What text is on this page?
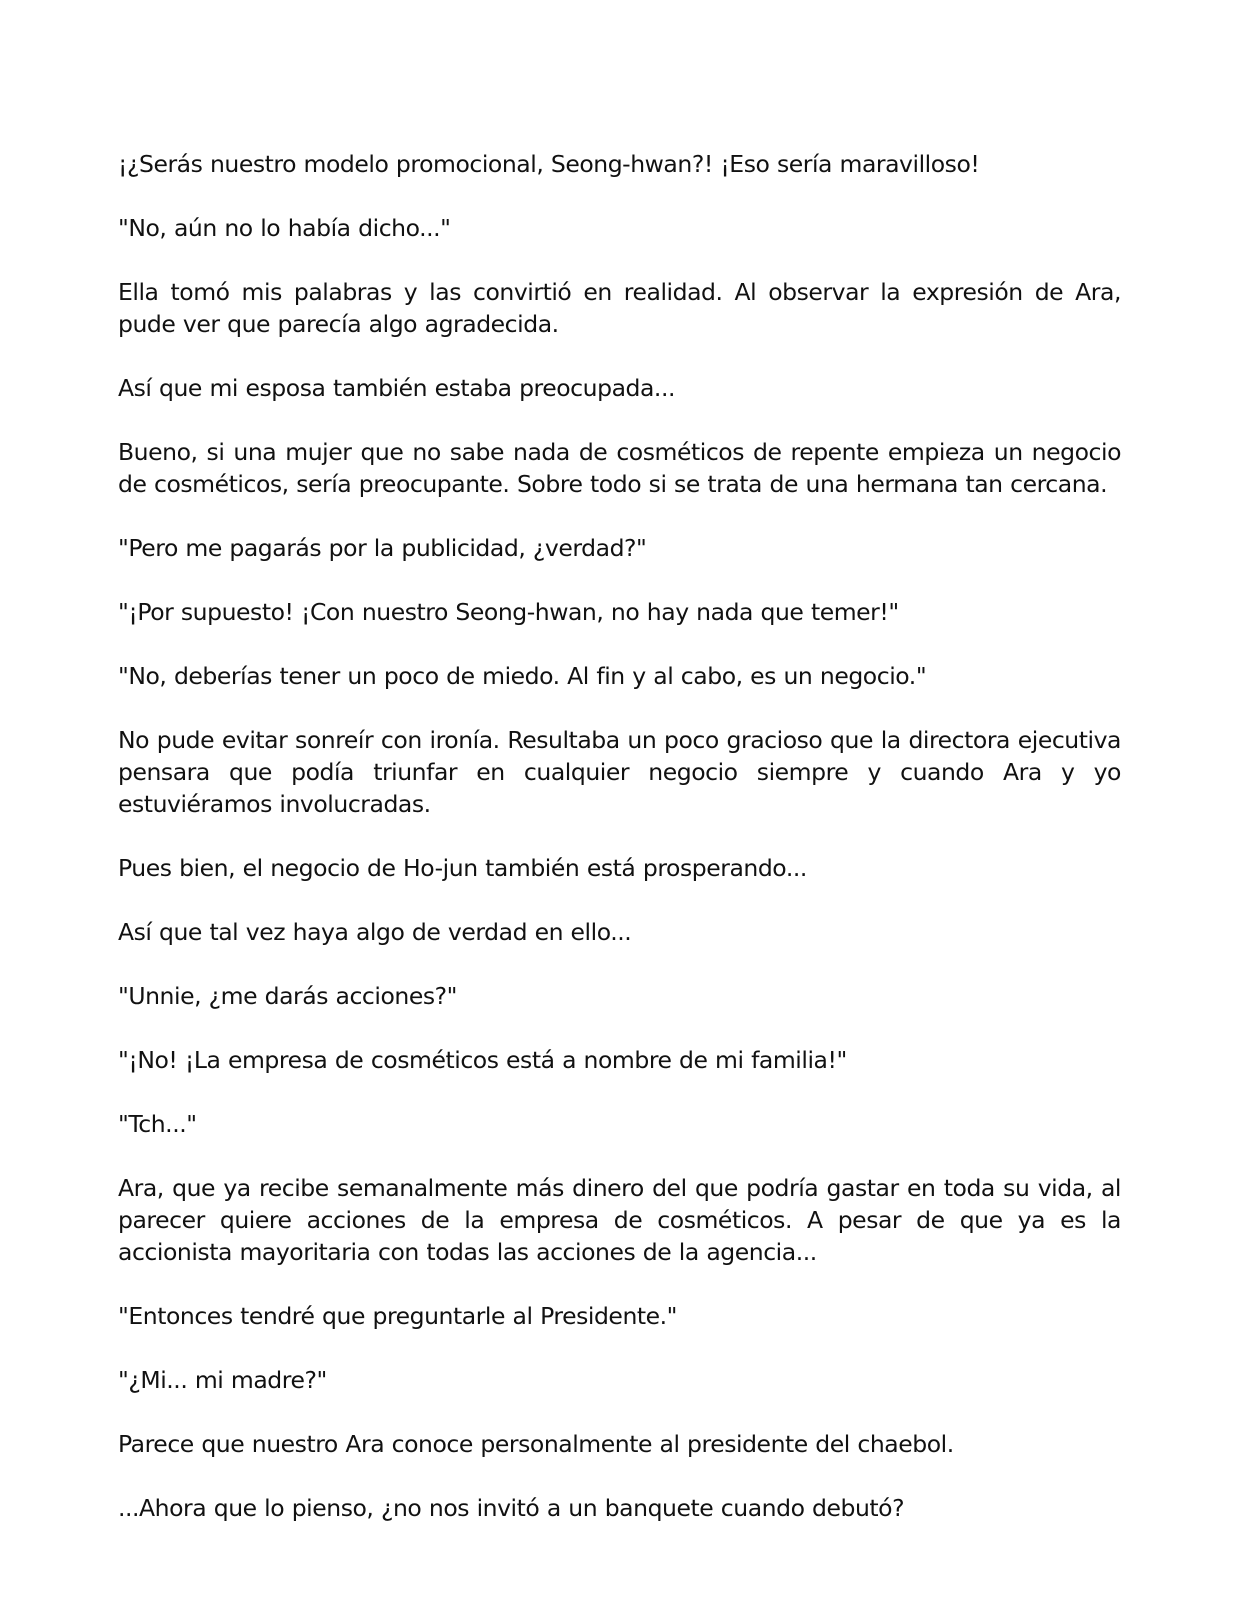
¡¿Serás nuestro modelo promocional, Seong-hwan?! ¡Eso sería maravilloso!

"No, aún no lo había dicho..."

Ella tomó mis palabras y las convirtió en realidad. Al observar la expresión de Ara, pude ver que parecía algo agradecida.

Así que mi esposa también estaba preocupada...

Bueno, si una mujer que no sabe nada de cosméticos de repente empieza un negocio de cosméticos, sería preocupante. Sobre todo si se trata de una hermana tan cercana.

"Pero me pagarás por la publicidad, ¿verdad?"

"¡Por supuesto! ¡Con nuestro Seong-hwan, no hay nada que temer!"

"No, deberías tener un poco de miedo. Al fin y al cabo, es un negocio."

No pude evitar sonreír con ironía. Resultaba un poco gracioso que la directora ejecutiva pensara que podía triunfar en cualquier negocio siempre y cuando Ara y yo estuviéramos involucradas.

Pues bien, el negocio de Ho-jun también está prosperando...

Así que tal vez haya algo de verdad en ello...

"Unnie, ¿me darás acciones?"

"¡No! ¡La empresa de cosméticos está a nombre de mi familia!"

"Tch..."

Ara, que ya recibe semanalmente más dinero del que podría gastar en toda su vida, al parecer quiere acciones de la empresa de cosméticos. A pesar de que ya es la accionista mayoritaria con todas las acciones de la agencia...

"Entonces tendré que preguntarle al Presidente."

"¿Mi... mi madre?"

Parece que nuestro Ara conoce personalmente al presidente del chaebol.

...Ahora que lo pienso, ¿no nos invitó a un banquete cuando debutó?
